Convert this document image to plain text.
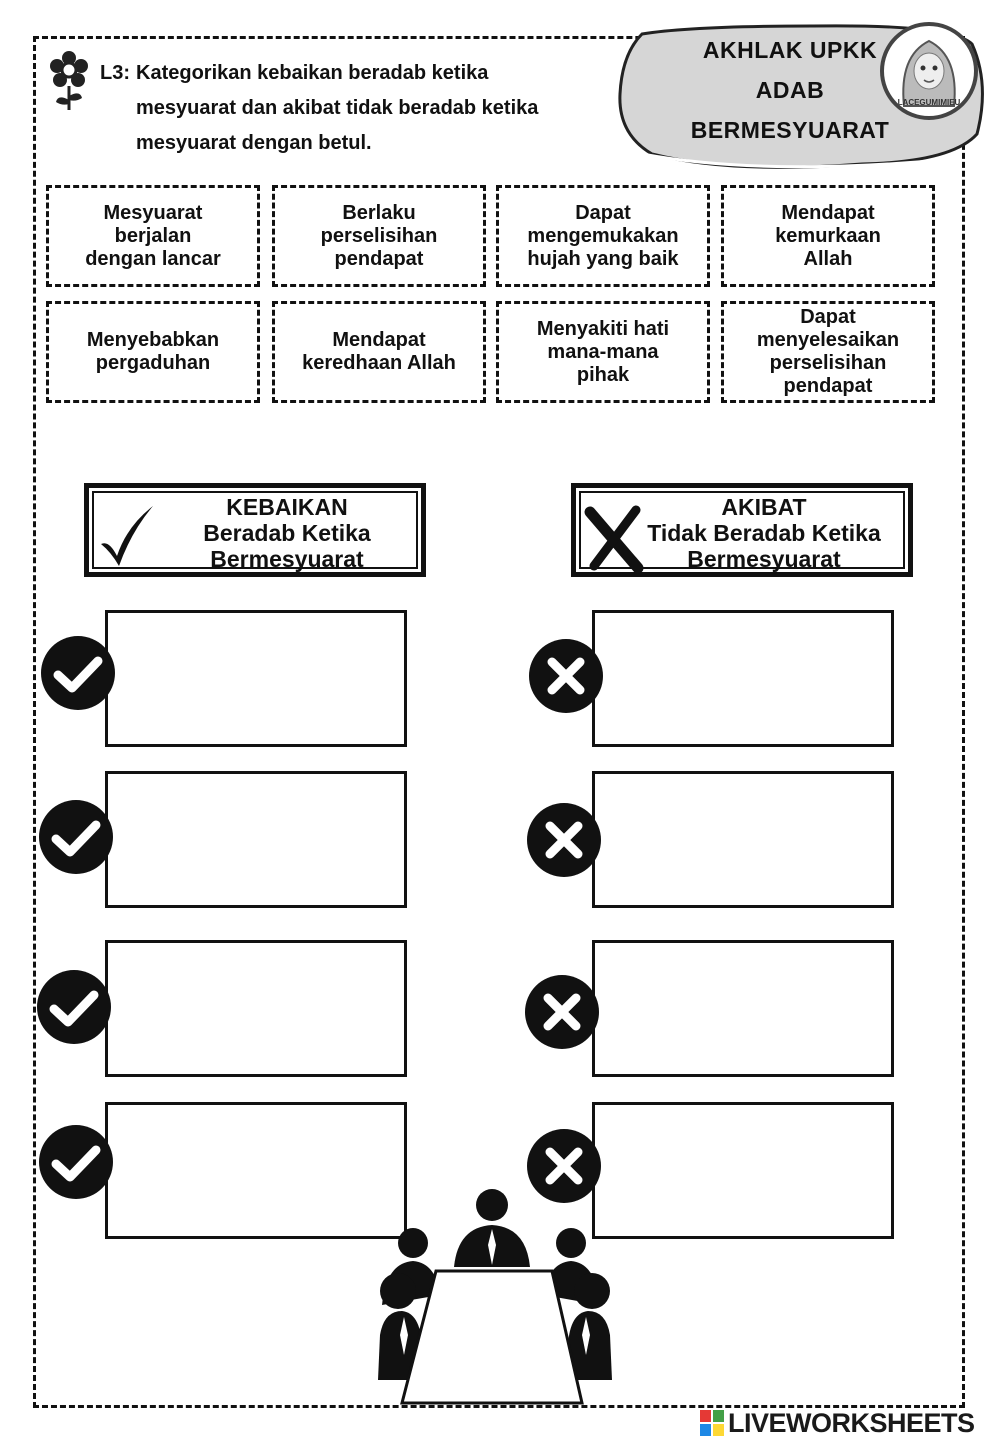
AKHLAK UPKK
ADAB
BERMESYUARAT
LACEGUMIMIEU
L3: Kategorikan kebaikan beradab ketika
mesyuarat dan akibat tidak beradab ketika
mesyuarat dengan betul.
Mesyuarat
berjalan
dengan lancar
Berlaku
perselisihan
pendapat
Dapat
mengemukakan
hujah yang baik
Mendapat
kemurkaan
Allah
Menyebabkan
pergaduhan
Mendapat
keredhaan Allah
Menyakiti hati
mana-mana
pihak
Dapat
menyelesaikan
perselisihan
pendapat
KEBAIKAN
Beradab Ketika
Bermesyuarat
AKIBAT
Tidak Beradab Ketika
Bermesyuarat
LIVEWORKSHEETS
